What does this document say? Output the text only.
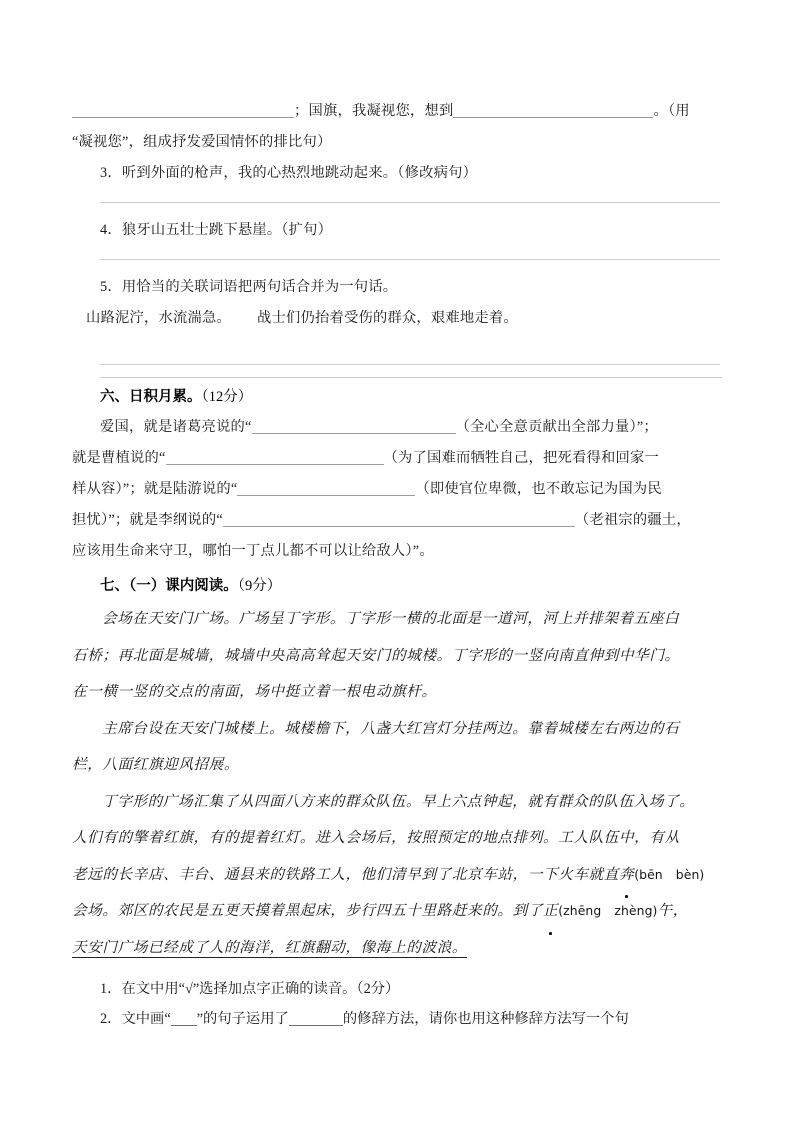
；国旗，我凝视您，想到	。（用
“凝视您”，组成抒发爱国情怀的排比句）
3．听到外面的枪声，我的心热烈地跳动起来。（修改病句）
4．狼牙山五壮士跳下悬崖。（扩句）
5．用恰当的关联词语把两句话合并为一句话。
山路泥泞，水流湍急。 战士们仍抬着受伤的群众，艰难地走着。
六、日积月累。（12分）
爱国，就是诸葛亮说的“	（全心全意贡献出全部力量）”；
就是曹植说的“	（为了国难而牺牲自己，把死看得和回家一
样从容）”；就是陆游说的“	（即使官位卑微，也不敢忘记为国为民
担忧）”；就是李纲说的“	（老祖宗的疆土，
应该用生命来守卫，哪怕一丁点儿都不可以让给敌人）”。
七、（一）课内阅读。（9分）
会场在天安门广场。广场呈丁字形。丁字形一横的北面是一道河，河上并排架着五座白
石桥；再北面是城墙，城墙中央高高耸起天安门的城楼。丁字形的一竖向南直伸到中华门。
在一横一竖的交点的南面，场中挺立着一根电动旗杆。
主席台设在天安门城楼上。城楼檐下，八盏大红宫灯分挂两边。靠着城楼左右两边的石
栏，八面红旗迎风招展。
丁字形的广场汇集了从四面八方来的群众队伍。早上六点钟起，就有群众的队伍入场了。
人们有的擎着红旗，有的提着红灯。进入会场后，按照预定的地点排列。工人队伍中，有从
老远的长辛店、丰台、通县来的铁路工人，他们清早到了北京车站，一下火车就直奔(bēn bèn)
会场。郊区的农民是五更天摸着黑起床，步行四五十里路赶来的。到了正(zhēng zhèng)午，
天安门广场已经成了人的海洋，红旗翻动，像海上的波浪。
1．在文中用“√”选择加点字正确的读音。（2分）
2．文中画“ ”的句子运用了	的修辞方法，请你也用这种修辞方法写一个句
